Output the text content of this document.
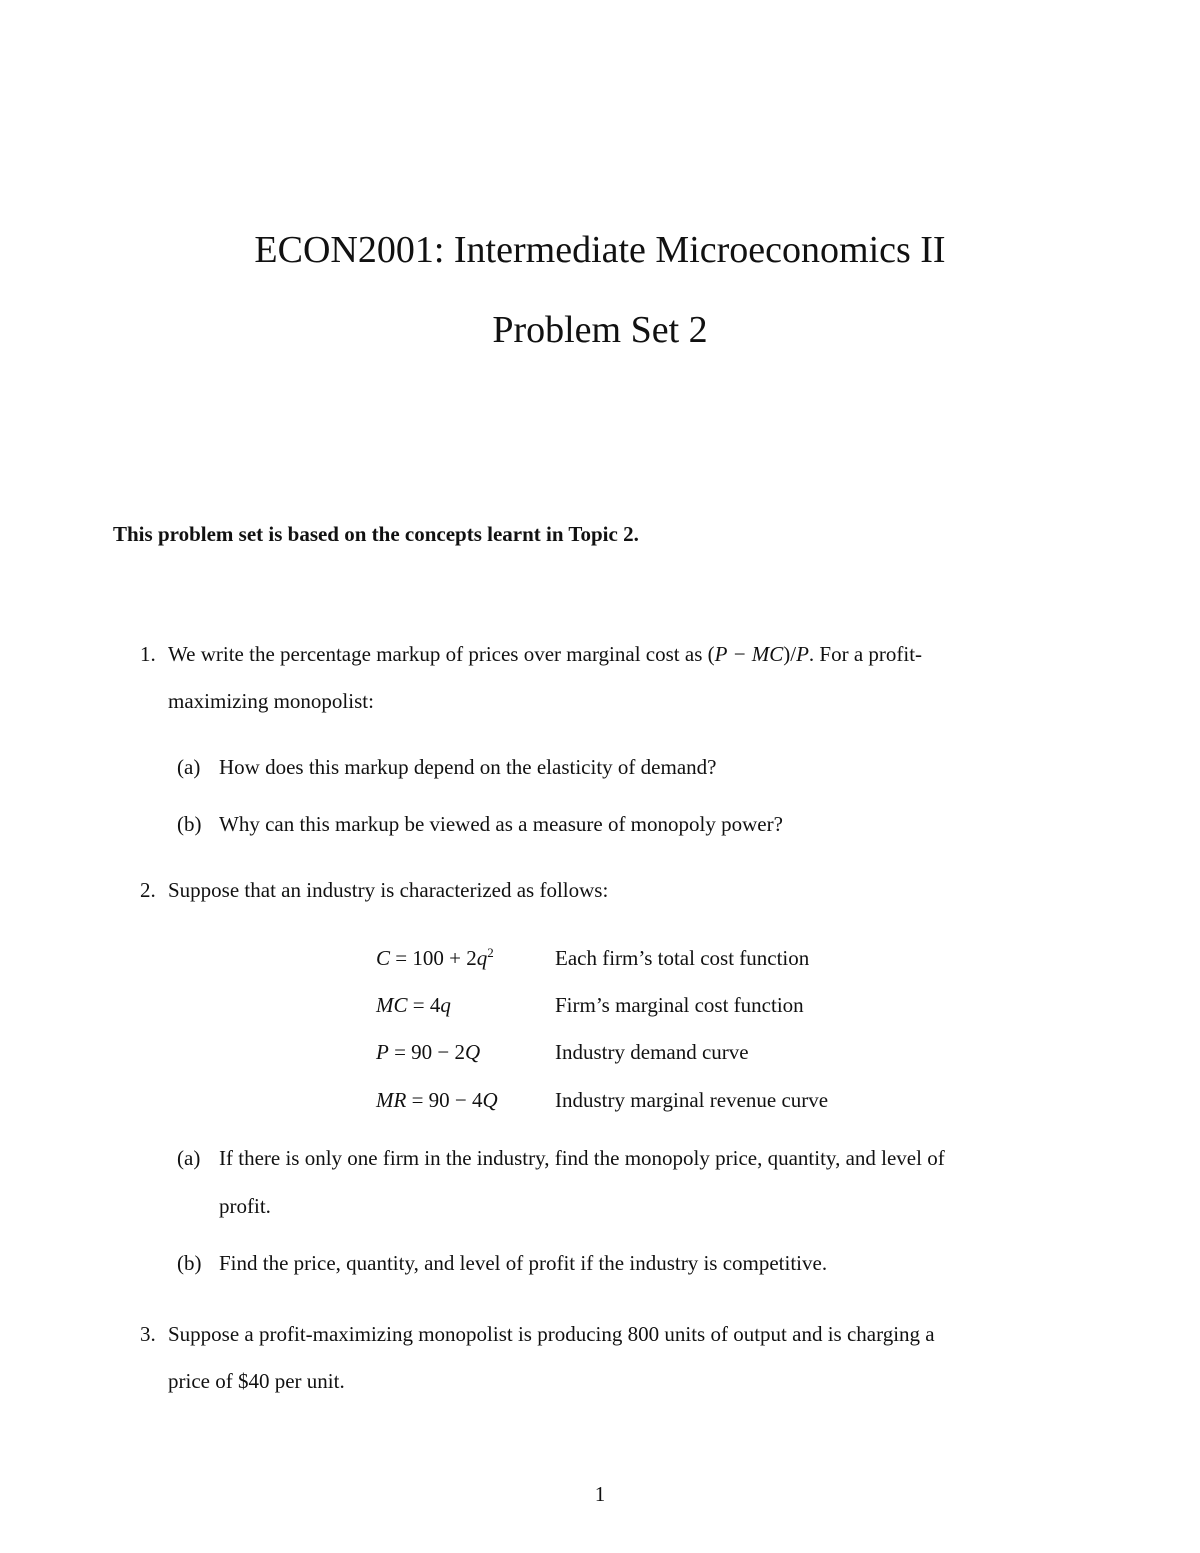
ECON2001: Intermediate Microeconomics II
Problem Set 2
This problem set is based on the concepts learnt in Topic 2.
1. We write the percentage markup of prices over marginal cost as (P − MC)/P. For a profit-
maximizing monopolist:
(a) How does this markup depend on the elasticity of demand?
(b) Why can this markup be viewed as a measure of monopoly power?
2. Suppose that an industry is characterized as follows:
$C = 100 + 2q^2$	Each firm’s total cost function
MC = 4q	Firm’s marginal cost function
P = 90 − 2Q	Industry demand curve
MR = 90 − 4Q	Industry marginal revenue curve
(a) If there is only one firm in the industry, find the monopoly price, quantity, and level of
profit.
(b) Find the price, quantity, and level of profit if the industry is competitive.
3. Suppose a profit-maximizing monopolist is producing 800 units of output and is charging a
price of $40 per unit.
1
